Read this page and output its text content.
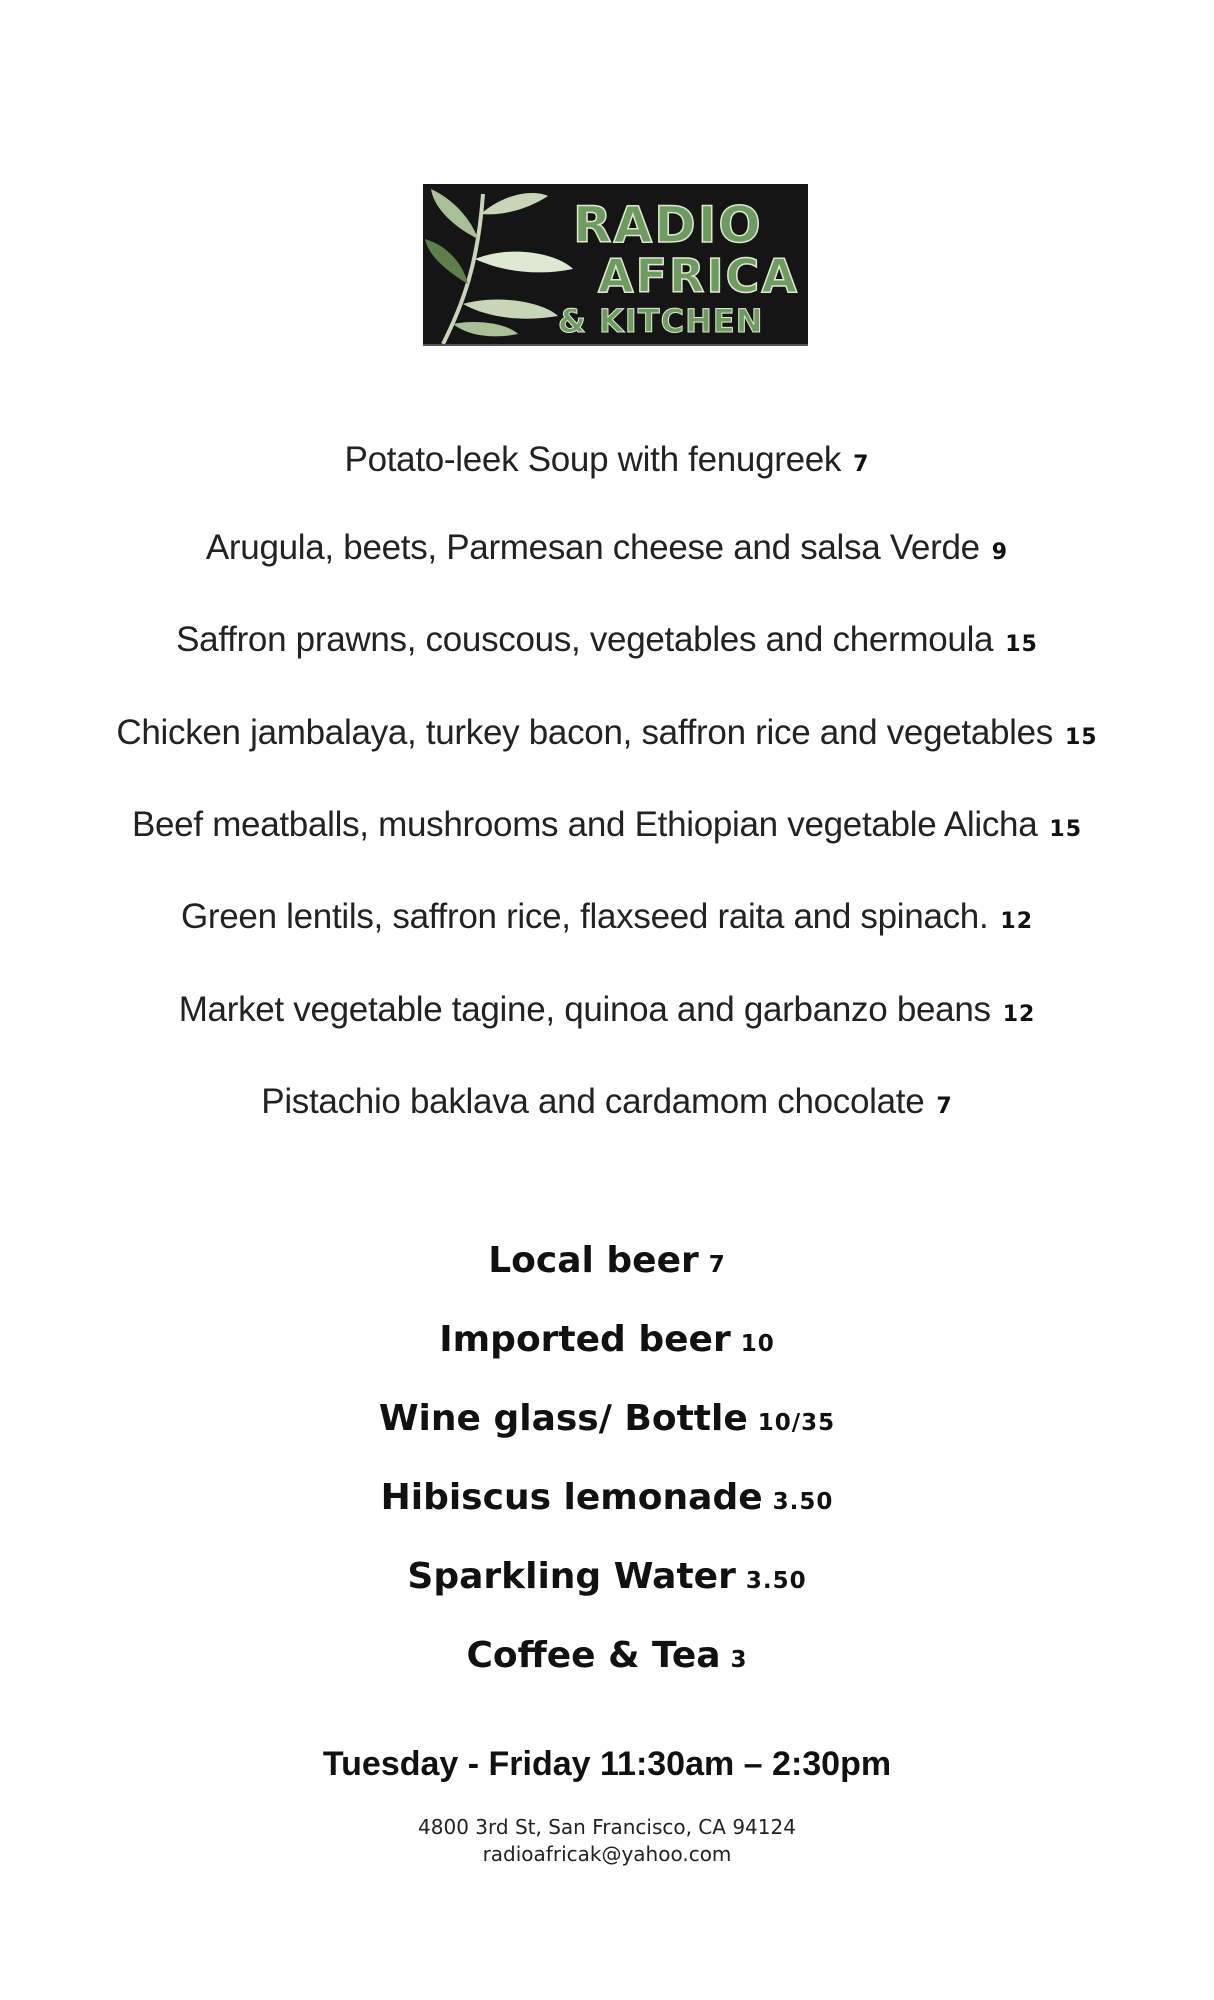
RADIO
AFRICA
& KITCHEN
Potato-leek Soup with fenugreek 7
Arugula, beets, Parmesan cheese and salsa Verde 9
Saffron prawns, couscous, vegetables and chermoula 15
Chicken jambalaya, turkey bacon, saffron rice and vegetables 15
Beef meatballs, mushrooms and Ethiopian vegetable Alicha 15
Green lentils, saffron rice, flaxseed raita and spinach. 12
Market vegetable tagine, quinoa and garbanzo beans 12
Pistachio baklava and cardamom chocolate 7
Local beer 7
Imported beer 10
Wine glass/ Bottle 10/35
Hibiscus lemonade 3.50
Sparkling Water 3.50
Coffee & Tea 3
Tuesday - Friday 11:30am – 2:30pm
4800 3rd St, San Francisco, CA 94124
radioafricak@yahoo.com
